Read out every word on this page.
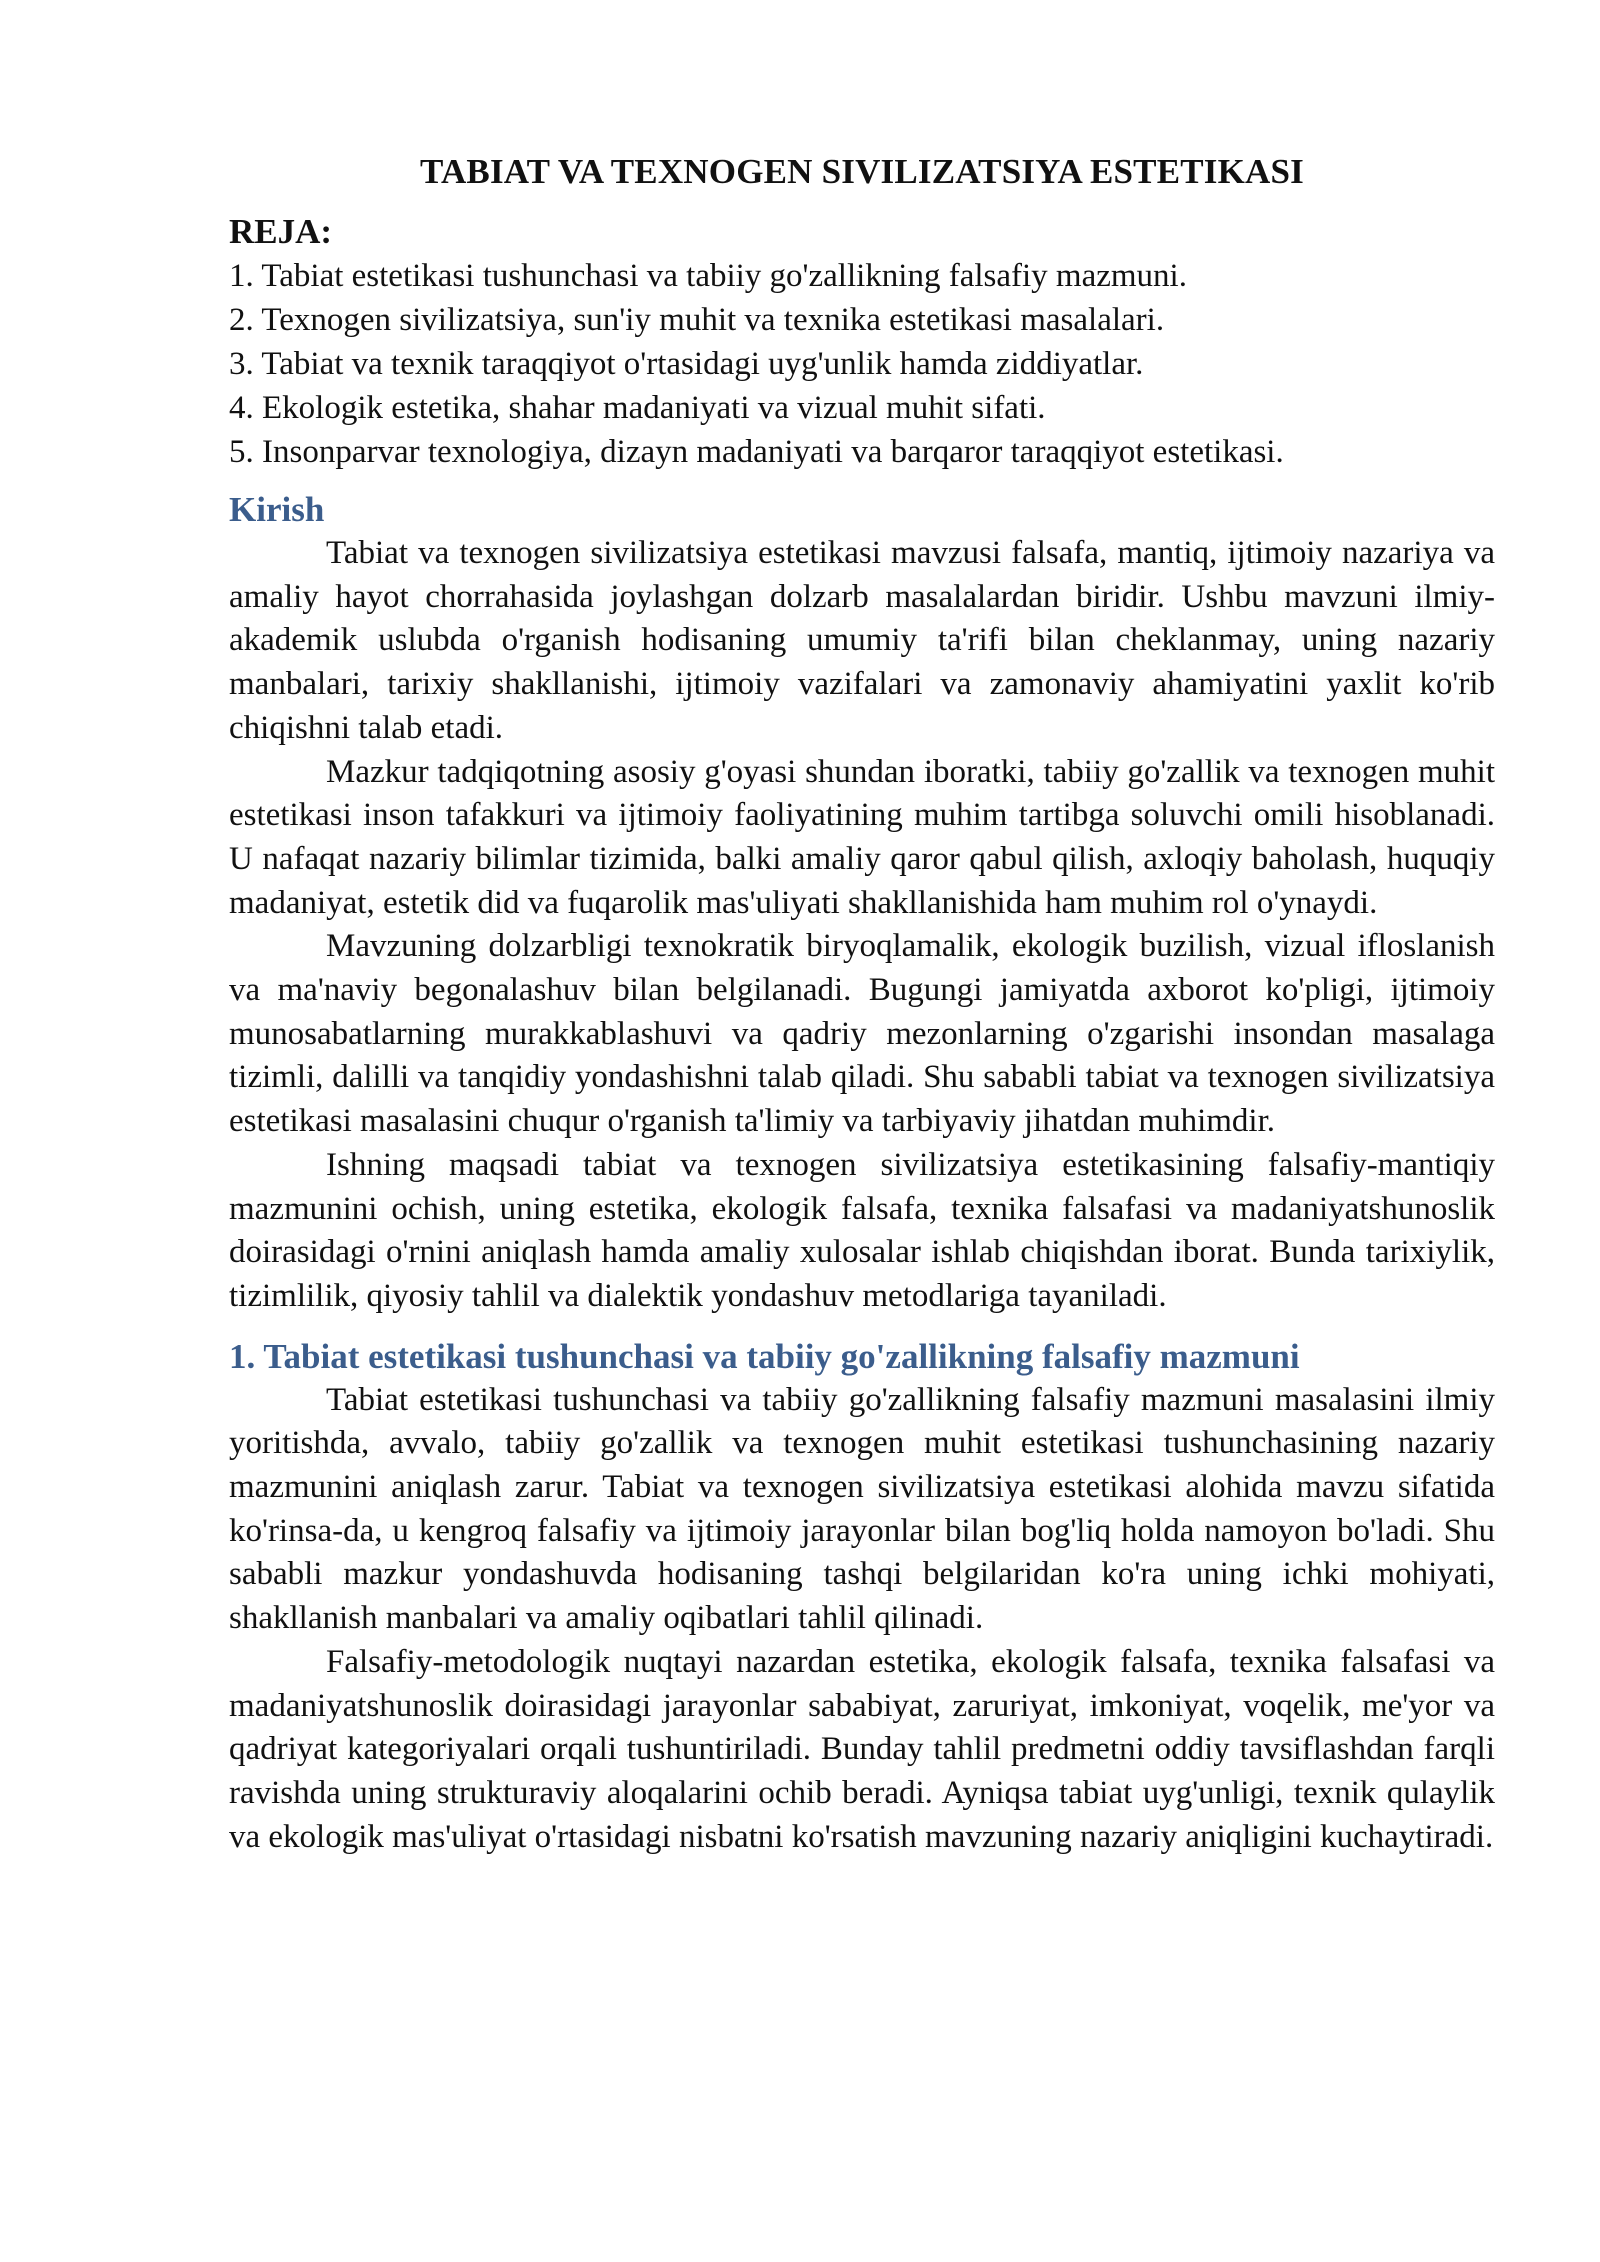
TABIAT VA TEXNOGEN SIVILIZATSIYA ESTETIKASI

REJA:

1. Tabiat estetikasi tushunchasi va tabiiy go'zallikning falsafiy mazmuni.
2. Texnogen sivilizatsiya, sun'iy muhit va texnika estetikasi masalalari.
3. Tabiat va texnik taraqqiyot o'rtasidagi uyg'unlik hamda ziddiyatlar.
4. Ekologik estetika, shahar madaniyati va vizual muhit sifati.
5. Insonparvar texnologiya, dizayn madaniyati va barqaror taraqqiyot estetikasi.
Kirish

Tabiat va texnogen sivilizatsiya estetikasi mavzusi falsafa, mantiq, ijtimoiy nazariya va amaliy hayot chorrahasida joylashgan dolzarb masalalardan biridir. Ushbu mavzuni ilmiy-akademik uslubda o'rganish hodisaning umumiy ta'rifi bilan cheklanmay, uning nazariy manbalari, tarixiy shakllanishi, ijtimoiy vazifalari va zamonaviy ahamiyatini yaxlit ko'rib chiqishni talab etadi.

Mazkur tadqiqotning asosiy g'oyasi shundan iboratki, tabiiy go'zallik va texnogen muhit estetikasi inson tafakkuri va ijtimoiy faoliyatining muhim tartibga soluvchi omili hisoblanadi. U nafaqat nazariy bilimlar tizimida, balki amaliy qaror qabul qilish, axloqiy baholash, huquqiy madaniyat, estetik did va fuqarolik mas'uliyati shakllanishida ham muhim rol o'ynaydi.

Mavzuning dolzarbligi texnokratik biryoqlamalik, ekologik buzilish, vizual ifloslanish va ma'naviy begonalashuv bilan belgilanadi. Bugungi jamiyatda axborot ko'pligi, ijtimoiy munosabatlarning murakkablashuvi va qadriy mezonlarning o'zgarishi insondan masalaga tizimli, dalilli va tanqidiy yondashishni talab qiladi. Shu sababli tabiat va texnogen sivilizatsiya estetikasi masalasini chuqur o'rganish ta'limiy va tarbiyaviy jihatdan muhimdir.

Ishning maqsadi tabiat va texnogen sivilizatsiya estetikasining falsafiy-mantiqiy mazmunini ochish, uning estetika, ekologik falsafa, texnika falsafasi va madaniyatshunoslik doirasidagi o'rnini aniqlash hamda amaliy xulosalar ishlab chiqishdan iborat. Bunda tarixiylik, tizimlilik, qiyosiy tahlil va dialektik yondashuv metodlariga tayaniladi.

1. Tabiat estetikasi tushunchasi va tabiiy go'zallikning falsafiy mazmuni

Tabiat estetikasi tushunchasi va tabiiy go'zallikning falsafiy mazmuni masalasini ilmiy yoritishda, avvalo, tabiiy go'zallik va texnogen muhit estetikasi tushunchasining nazariy mazmunini aniqlash zarur. Tabiat va texnogen sivilizatsiya estetikasi alohida mavzu sifatida ko'rinsa-da, u kengroq falsafiy va ijtimoiy jarayonlar bilan bog'liq holda namoyon bo'ladi. Shu sababli mazkur yondashuvda hodisaning tashqi belgilaridan ko'ra uning ichki mohiyati, shakllanish manbalari va amaliy oqibatlari tahlil qilinadi.

Falsafiy-metodologik nuqtayi nazardan estetika, ekologik falsafa, texnika falsafasi va madaniyatshunoslik doirasidagi jarayonlar sababiyat, zaruriyat, imkoniyat, voqelik, me'yor va qadriyat kategoriyalari orqali tushuntiriladi. Bunday tahlil predmetni oddiy tavsiflashdan farqli ravishda uning strukturaviy aloqalarini ochib beradi. Ayniqsa tabiat uyg'unligi, texnik qulaylik va ekologik mas'uliyat o'rtasidagi nisbatni ko'rsatish mavzuning nazariy aniqligini kuchaytiradi.
